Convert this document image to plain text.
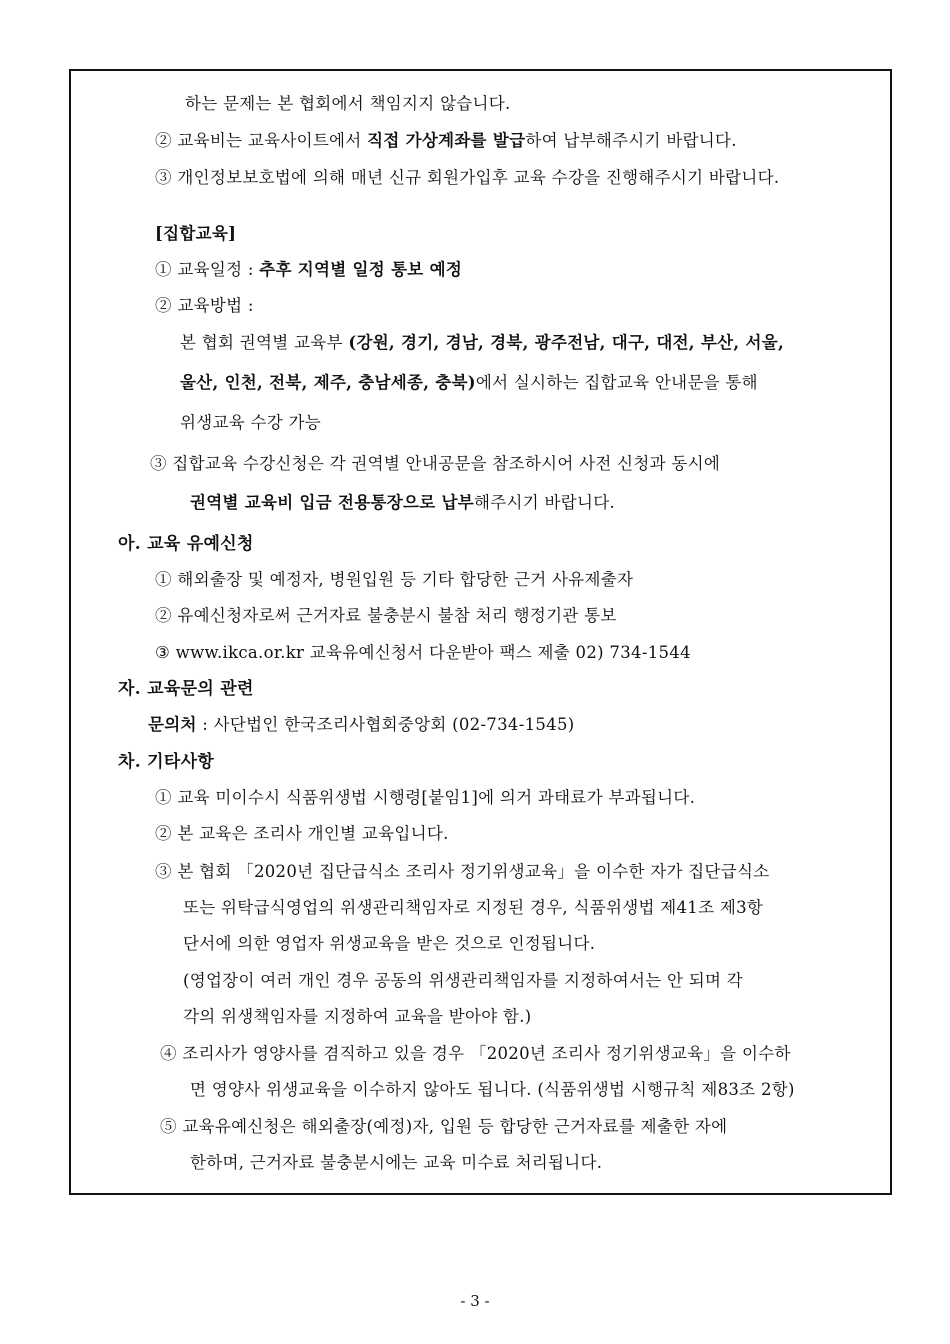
하는 문제는 본 협회에서 책임지지 않습니다.
② 교육비는 교육사이트에서 직접 가상계좌를 발급하여 납부해주시기 바랍니다.
③ 개인정보보호법에 의해 매년 신규 회원가입후 교육 수강을 진행해주시기 바랍니다.
[집합교육]
① 교육일정 : 추후 지역별 일정 통보 예정
② 교육방법 :
본 협회 권역별 교육부 (강원, 경기, 경남, 경북, 광주전남, 대구, 대전, 부산, 서울,
울산, 인천, 전북, 제주, 충남세종, 충북)에서 실시하는 집합교육 안내문을 통해
위생교육 수강 가능
③ 집합교육 수강신청은 각 권역별 안내공문을 참조하시어 사전 신청과 동시에
권역별 교육비 입금 전용통장으로 납부해주시기 바랍니다.
아. 교육 유예신청
① 해외출장 및 예정자, 병원입원 등 기타 합당한 근거 사유제출자
② 유예신청자로써 근거자료 불충분시 불참 처리 행정기관 통보
③ www.ikca.or.kr 교육유예신청서 다운받아 팩스 제출 02) 734-1544
자. 교육문의 관련
문의처 : 사단법인 한국조리사협회중앙회 (02-734-1545)
차. 기타사항
① 교육 미이수시 식품위생법 시행령[붙임1]에 의거 과태료가 부과됩니다.
② 본 교육은 조리사 개인별 교육입니다.
③ 본 협회 「2020년 집단급식소 조리사 정기위생교육」을 이수한 자가 집단급식소
또는 위탁급식영업의 위생관리책임자로 지정된 경우, 식품위생법 제41조 제3항
단서에 의한 영업자 위생교육을 받은 것으로 인정됩니다.
(영업장이 여러 개인 경우 공동의 위생관리책임자를 지정하여서는 안 되며 각
각의 위생책임자를 지정하여 교육을 받아야 함.)
④ 조리사가 영양사를 겸직하고 있을 경우 「2020년 조리사 정기위생교육」을 이수하
면 영양사 위생교육을 이수하지 않아도 됩니다. (식품위생법 시행규칙 제83조 2항)
⑤ 교육유예신청은 해외출장(예정)자, 입원 등 합당한 근거자료를 제출한 자에
한하며, 근거자료 불충분시에는 교육 미수료 처리됩니다.
- 3 -
